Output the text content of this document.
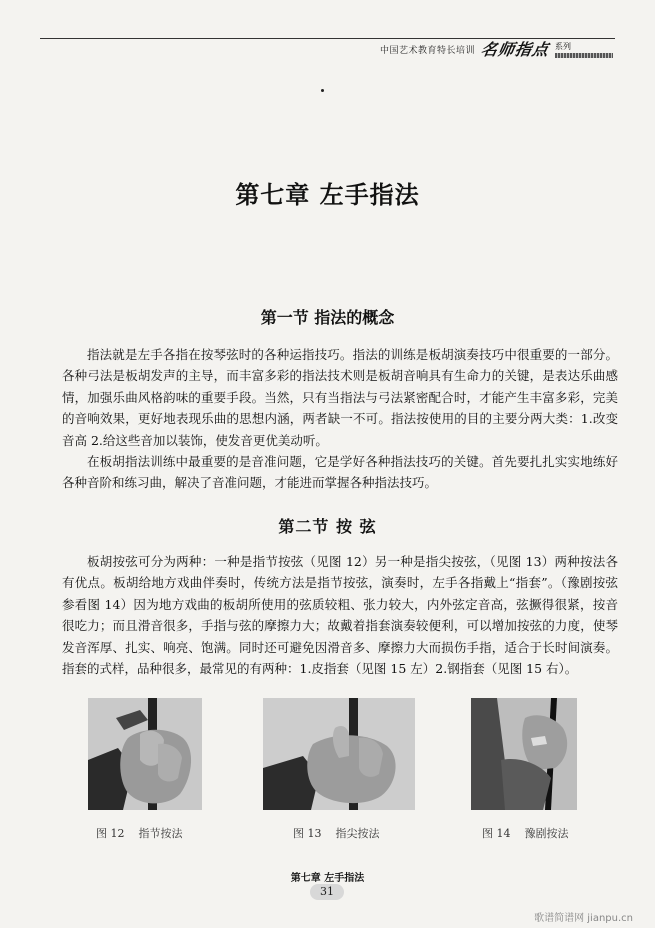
中国艺术教育特长培训 名师指点 系列
第七章 左手指法
第一节 指法的概念

指法就是左手各指在按琴弦时的各种运指技巧。指法的训练是板胡演奏技巧中很重要的一部分。各种弓法是板胡发声的主导，而丰富多彩的指法技术则是板胡音响具有生命力的关键，是表达乐曲感情，加强乐曲风格韵味的重要手段。当然，只有当指法与弓法紧密配合时，才能产生丰富多彩，完美的音响效果，更好地表现乐曲的思想内涵，两者缺一不可。指法按使用的目的主要分两大类：1.改变音高 2.给这些音加以装饰，使发音更优美动听。

在板胡指法训练中最重要的是音准问题，它是学好各种指法技巧的关键。首先要扎扎实实地练好各种音阶和练习曲，解决了音准问题，才能进而掌握各种指法技巧。

第二节 按 弦

板胡按弦可分为两种：一种是指节按弦（见图 12）另一种是指尖按弦，（见图 13）两种按法各有优点。板胡给地方戏曲伴奏时，传统方法是指节按弦，演奏时，左手各指戴上“指套”。（豫剧按弦参看图 14）因为地方戏曲的板胡所使用的弦质较粗、张力较大，内外弦定音高，弦撅得很紧，按音很吃力；而且滑音很多，手指与弦的摩擦力大；故戴着指套演奏较便利，可以增加按弦的力度，使琴发音浑厚、扎实、响亮、饱满。同时还可避免因滑音多、摩擦力大而损伤手指，适合于长时间演奏。指套的式样，品种很多，最常见的有两种：1.皮指套（见图 15 左）2.钢指套（见图 15 右）。

图 12    指节按法	图 13    指尖按法	图 14    豫剧按法
第七章 左手指法
31
歌谱简谱网 jianpu.cn
